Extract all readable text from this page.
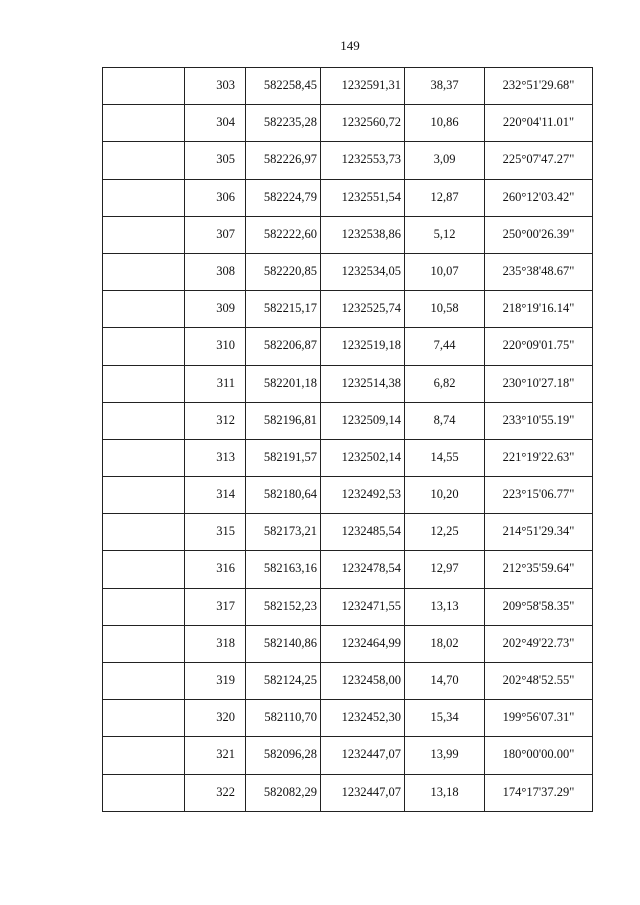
149

	303	582258,45	1232591,31	38,37	232°51'29.68"

	304	582235,28	1232560,72	10,86	220°04'11.01"

	305	582226,97	1232553,73	3,09	225°07'47.27"

	306	582224,79	1232551,54	12,87	260°12'03.42"

	307	582222,60	1232538,86	5,12	250°00'26.39"

	308	582220,85	1232534,05	10,07	235°38'48.67"

	309	582215,17	1232525,74	10,58	218°19'16.14"

	310	582206,87	1232519,18	7,44	220°09'01.75"

	311	582201,18	1232514,38	6,82	230°10'27.18"

	312	582196,81	1232509,14	8,74	233°10'55.19"

	313	582191,57	1232502,14	14,55	221°19'22.63"

	314	582180,64	1232492,53	10,20	223°15'06.77"

	315	582173,21	1232485,54	12,25	214°51'29.34"

	316	582163,16	1232478,54	12,97	212°35'59.64"

	317	582152,23	1232471,55	13,13	209°58'58.35"

	318	582140,86	1232464,99	18,02	202°49'22.73"

	319	582124,25	1232458,00	14,70	202°48'52.55"

	320	582110,70	1232452,30	15,34	199°56'07.31"

	321	582096,28	1232447,07	13,99	180°00'00.00"

	322	582082,29	1232447,07	13,18	174°17'37.29"
